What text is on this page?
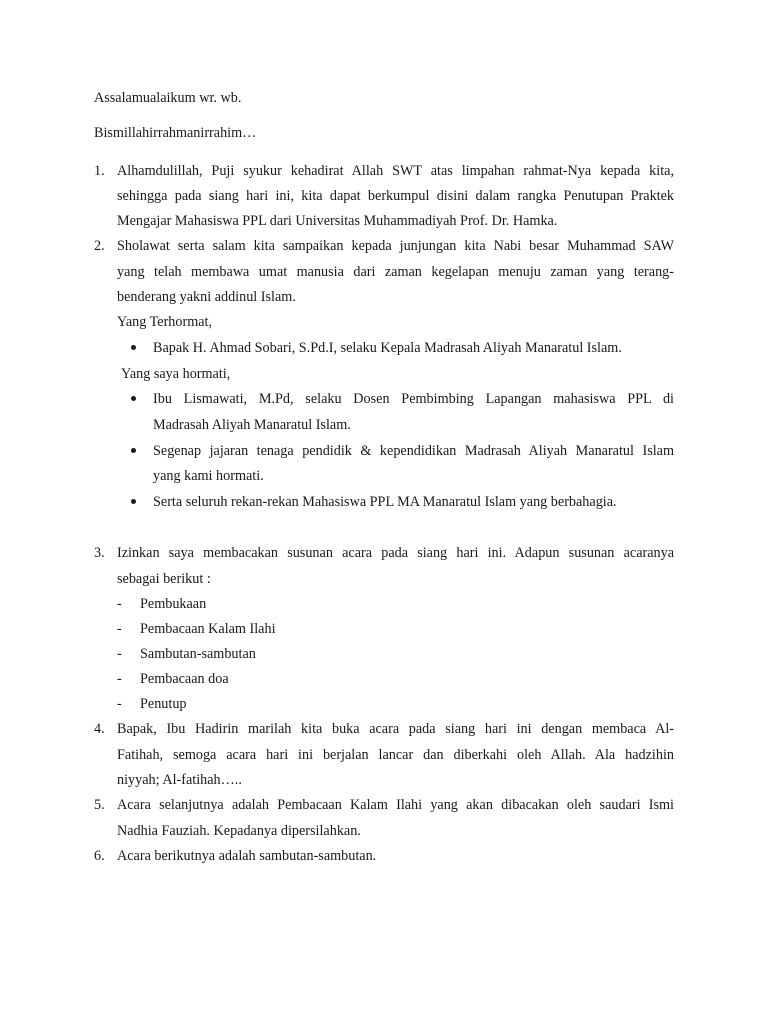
Assalamualaikum wr. wb.
Bismillahirrahmanirrahim…
1. Alhamdulillah, Puji syukur kehadirat Allah SWT atas limpahan rahmat-Nya kepada kita,
sehingga pada siang hari ini, kita dapat berkumpul disini dalam rangka Penutupan Praktek
Mengajar Mahasiswa PPL dari Universitas Muhammadiyah Prof. Dr. Hamka.
2. Sholawat serta salam kita sampaikan kepada junjungan kita Nabi besar Muhammad SAW
yang telah membawa umat manusia dari zaman kegelapan menuju zaman yang terang-
benderang yakni addinul Islam.
Yang Terhormat,
Bapak H. Ahmad Sobari, S.Pd.I, selaku Kepala Madrasah Aliyah Manaratul Islam.
Yang saya hormati,
Ibu Lismawati, M.Pd, selaku Dosen Pembimbing Lapangan mahasiswa PPL di
Madrasah Aliyah Manaratul Islam.
Segenap jajaran tenaga pendidik & kependidikan Madrasah Aliyah Manaratul Islam
yang kami hormati.
Serta seluruh rekan-rekan Mahasiswa PPL MA Manaratul Islam yang berbahagia.
3. Izinkan saya membacakan susunan acara pada siang hari ini. Adapun susunan acaranya
sebagai berikut :
- Pembukaan
- Pembacaan Kalam Ilahi
- Sambutan-sambutan
- Pembacaan doa
- Penutup
4. Bapak, Ibu Hadirin marilah kita buka acara pada siang hari ini dengan membaca Al-
Fatihah, semoga acara hari ini berjalan lancar dan diberkahi oleh Allah. Ala hadzihin
niyyah; Al-fatihah…..
5. Acara selanjutnya adalah Pembacaan Kalam Ilahi yang akan dibacakan oleh saudari Ismi
Nadhia Fauziah. Kepadanya dipersilahkan.
6. Acara berikutnya adalah sambutan-sambutan.
